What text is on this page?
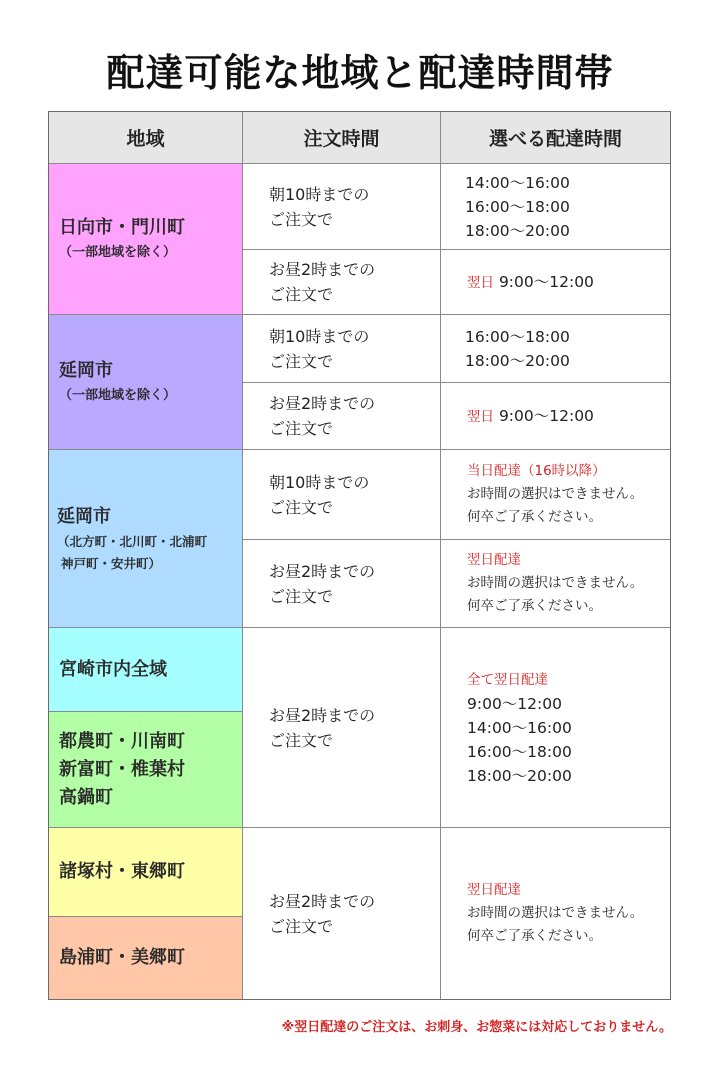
配達可能な地域と配達時間帯
地域	注文時間	選べる配達時間
日向市・門川町
（一部地域を除く）
朝10時までの
ご注文で
14:00〜16:00
16:00〜18:00
18:00〜20:00
お昼2時までの
ご注文で
翌日 9:00〜12:00
延岡市
（一部地域を除く）
朝10時までの
ご注文で
16:00〜18:00
18:00〜20:00
お昼2時までの
ご注文で
翌日 9:00〜12:00
延岡市
（北方町・北川町・北浦町
神戸町・安井町）
朝10時までの
ご注文で
当日配達（16時以降）
お時間の選択はできません。
何卒ご了承ください。
お昼2時までの
ご注文で
翌日配達
お時間の選択はできません。
何卒ご了承ください。
宮崎市内全域
都農町・川南町
新富町・椎葉村
高鍋町
お昼2時までの
ご注文で
全て翌日配達
9:00〜12:00
14:00〜16:00
16:00〜18:00
18:00〜20:00
諸塚村・東郷町
島浦町・美郷町
お昼2時までの
ご注文で
翌日配達
お時間の選択はできません。
何卒ご了承ください。
※翌日配達のご注文は、お刺身、お惣菜には対応しておりません。
